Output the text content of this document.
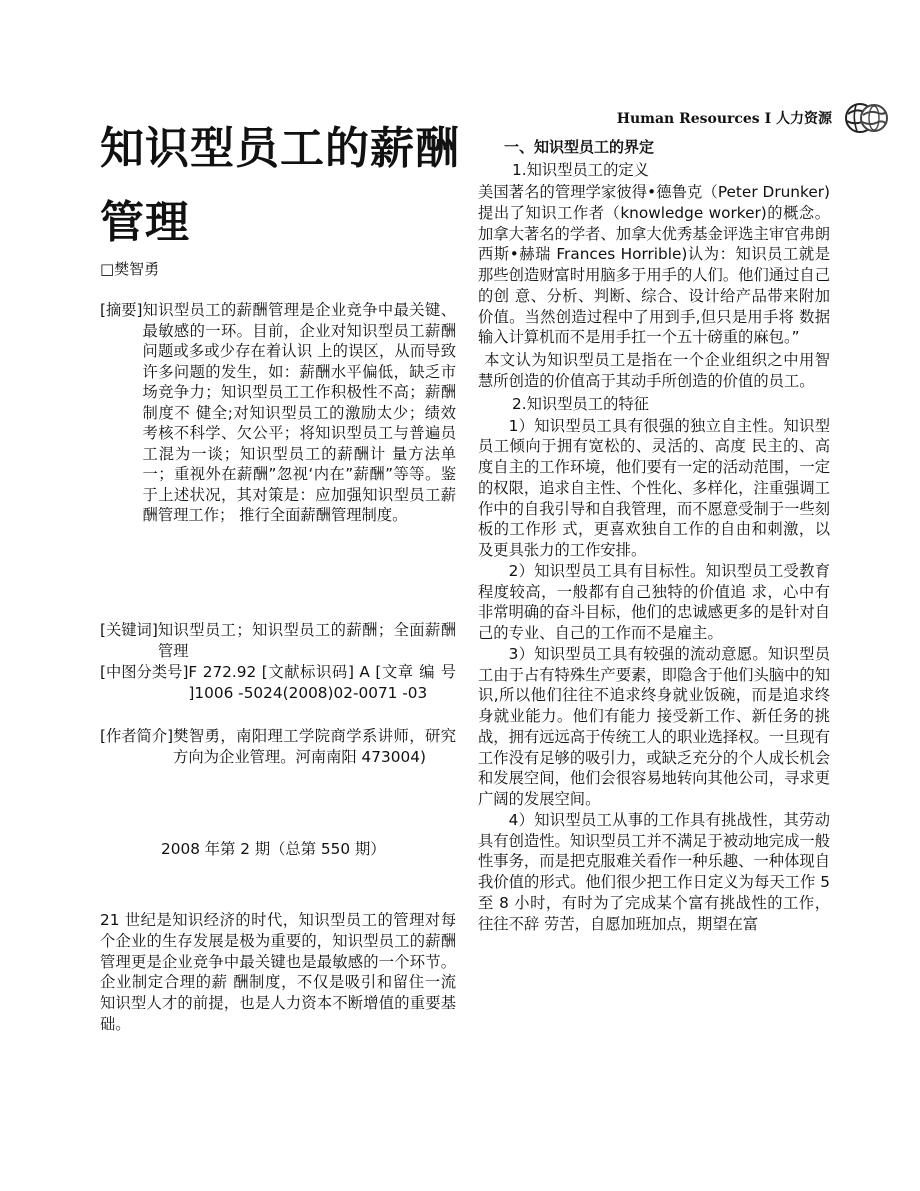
Human Resources I 人力资源
知识型员工的薪酬管理
□樊智勇

[摘要] 知识型员工的薪酬管理是企业竞争中最关键、最敏感的一环。目前，企业对知识型员工薪酬问题或多或少存在着认识 上的误区，从而导致许多问题的发生，如：薪酬水平偏低，缺乏市场竞争力；知识型员工工作积极性不高；薪酬制度不 健全;对知识型员工的激励太少；绩效考核不科学、欠公平；将知识型员工与普遍员工混为一谈；知识型员工的薪酬计 量方法单一；重视外在薪酬”忽视‘内在”薪酬”等等。鉴于上述状况，其对策是：应加强知识型员工薪酬管理工作； 推行全面薪酬管理制度。

[关键词] 知识型员工；知识型员工的薪酬；全面薪酬管理

[中图分类号] F 272.92 [文献标识码] A [文章 编 号 ]1006 -5024(2008)02-0071 -03

[作者简介] 樊智勇，南阳理工学院商学系讲师，研究方向为企业管理。河南南阳 473004)

2008 年第 2 期（总第 550 期）

21 世纪是知识经济的时代，知识型员工的管理对每个企业的生存发展是极为重要的，知识型员工的薪酬管理更是企业竞争中最关键也是最敏感的一个环节。企业制定合理的薪 酬制度，不仅是吸引和留住一流知识型人才的前提，也是人力资本不断增值的重要基础。

一、知识型员工的界定

1.知识型员工的定义

美国著名的管理学家彼得•德鲁克（Peter Drunker)提出了知识工作者（knowledge worker)的概念。加拿大著名的学者、加拿大优秀基金评选主审官弗朗西斯•赫瑞 Frances Horrible)认为：知识员工就是那些创造财富时用脑多于用手的人们。他们通过自己的创 意、分析、判断、综合、设计给产品带来附加价值。当然创造过程中了用到手,但只是用手将 数据输入计算机而不是用手扛一个五十磅重的麻包。”

本文认为知识型员工是指在一个企业组织之中用智慧所创造的价值高于其动手所创造的价值的员工。

2.知识型员工的特征

1）知识型员工具有很强的独立自主性。知识型员工倾向于拥有宽松的、灵活的、高度 民主的、高度自主的工作环境，他们要有一定的活动范围，一定的权限，追求自主性、个性化、多样化，注重强调工作中的自我引导和自我管理，而不愿意受制于一些刻板的工作形 式，更喜欢独自工作的自由和刺激，以及更具张力的工作安排。

2）知识型员工具有目标性。知识型员工受教育程度较高，一般都有自己独特的价值追 求，心中有非常明确的奋斗目标，他们的忠诚感更多的是针对自己的专业、自己的工作而不是雇主。

3）知识型员工具有较强的流动意愿。知识型员工由于占有特殊生产要素，即隐含于他们头脑中的知识,所以他们往往不追求终身就业饭碗，而是追求终身就业能力。他们有能力 接受新工作、新任务的挑战，拥有远远高于传统工人的职业选择权。一旦现有工作没有足够的吸引力，或缺乏充分的个人成长机会和发展空间，他们会很容易地转向其他公司，寻求更 广阔的发展空间。

4）知识型员工从事的工作具有挑战性，其劳动具有创造性。知识型员工并不满足于被动地完成一般性事务，而是把克服难关看作一种乐趣、一种体现自我价值的形式。他们很少把工作日定义为每天工作 5 至 8 小时，有时为了完成某个富有挑战性的工作，往往不辞 劳苦，自愿加班加点，期望在富
